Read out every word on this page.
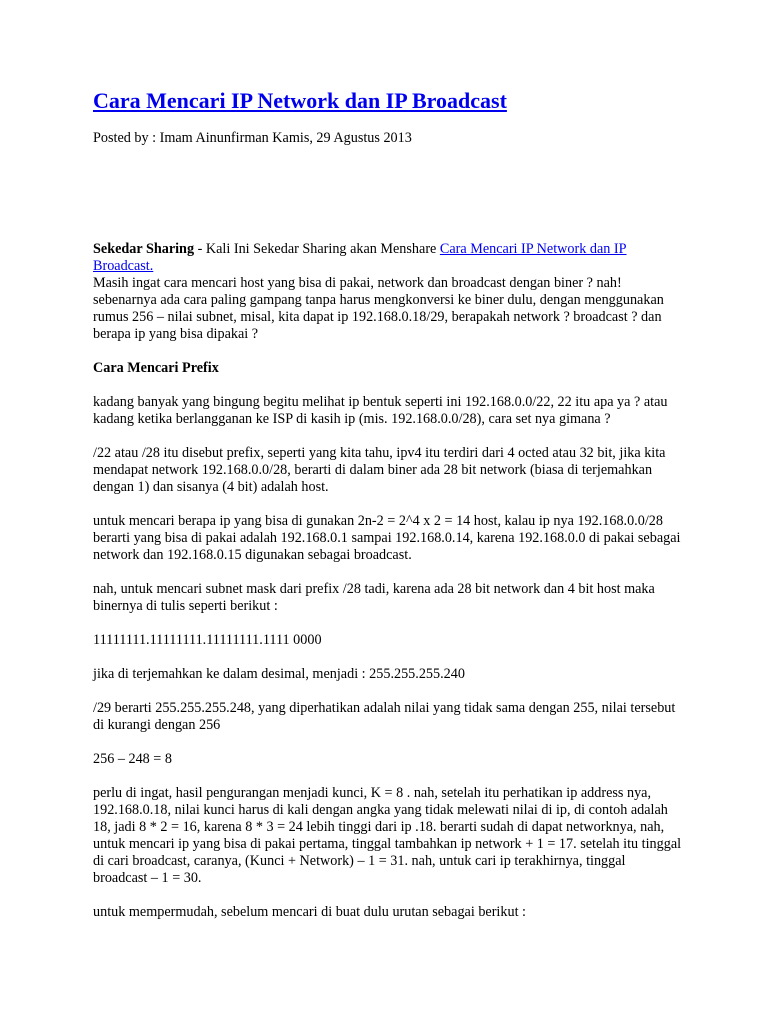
Cara Mencari IP Network dan IP Broadcast
Posted by : Imam Ainunfirman Kamis, 29 Agustus 2013

Sekedar Sharing - Kali Ini Sekedar Sharing akan Menshare Cara Mencari IP Network dan IP Broadcast.

Masih ingat cara mencari host yang bisa di pakai, network dan broadcast dengan biner ? nah! sebenarnya ada cara paling gampang tanpa harus mengkonversi ke biner dulu, dengan menggunakan rumus 256 – nilai subnet, misal, kita dapat ip 192.168.0.18/29, berapakah network ? broadcast ? dan berapa ip yang bisa dipakai ?

Cara Mencari Prefix

kadang banyak yang bingung begitu melihat ip bentuk seperti ini 192.168.0.0/22, 22 itu apa ya ? atau kadang ketika berlangganan ke ISP di kasih ip (mis. 192.168.0.0/28), cara set nya gimana ?

/22 atau /28 itu disebut prefix, seperti yang kita tahu, ipv4 itu terdiri dari 4 octed atau 32 bit, jika kita mendapat network 192.168.0.0/28, berarti di dalam biner ada 28 bit network (biasa di terjemahkan dengan 1) dan sisanya (4 bit) adalah host.

untuk mencari berapa ip yang bisa di gunakan 2n-2 = 2^4 x 2 = 14 host, kalau ip nya 192.168.0.0/28 berarti yang bisa di pakai adalah 192.168.0.1 sampai 192.168.0.14, karena 192.168.0.0 di pakai sebagai network dan 192.168.0.15 digunakan sebagai broadcast.

nah, untuk mencari subnet mask dari prefix /28 tadi, karena ada 28 bit network dan 4 bit host maka binernya di tulis seperti berikut :

11111111.11111111.11111111.1111 0000

jika di terjemahkan ke dalam desimal, menjadi : 255.255.255.240

/29 berarti 255.255.255.248, yang diperhatikan adalah nilai yang tidak sama dengan 255, nilai tersebut di kurangi dengan 256

256 – 248 = 8

perlu di ingat, hasil pengurangan menjadi kunci, K = 8 . nah, setelah itu perhatikan ip address nya, 192.168.0.18, nilai kunci harus di kali dengan angka yang tidak melewati nilai di ip, di contoh adalah 18, jadi 8 * 2 = 16, karena 8 * 3 = 24 lebih tinggi dari ip .18. berarti sudah di dapat networknya, nah, untuk mencari ip yang bisa di pakai pertama, tinggal tambahkan ip network + 1 = 17. setelah itu tinggal di cari broadcast, caranya, (Kunci + Network) – 1 = 31. nah, untuk cari ip terakhirnya, tinggal broadcast – 1 = 30.

untuk mempermudah, sebelum mencari di buat dulu urutan sebagai berikut :
